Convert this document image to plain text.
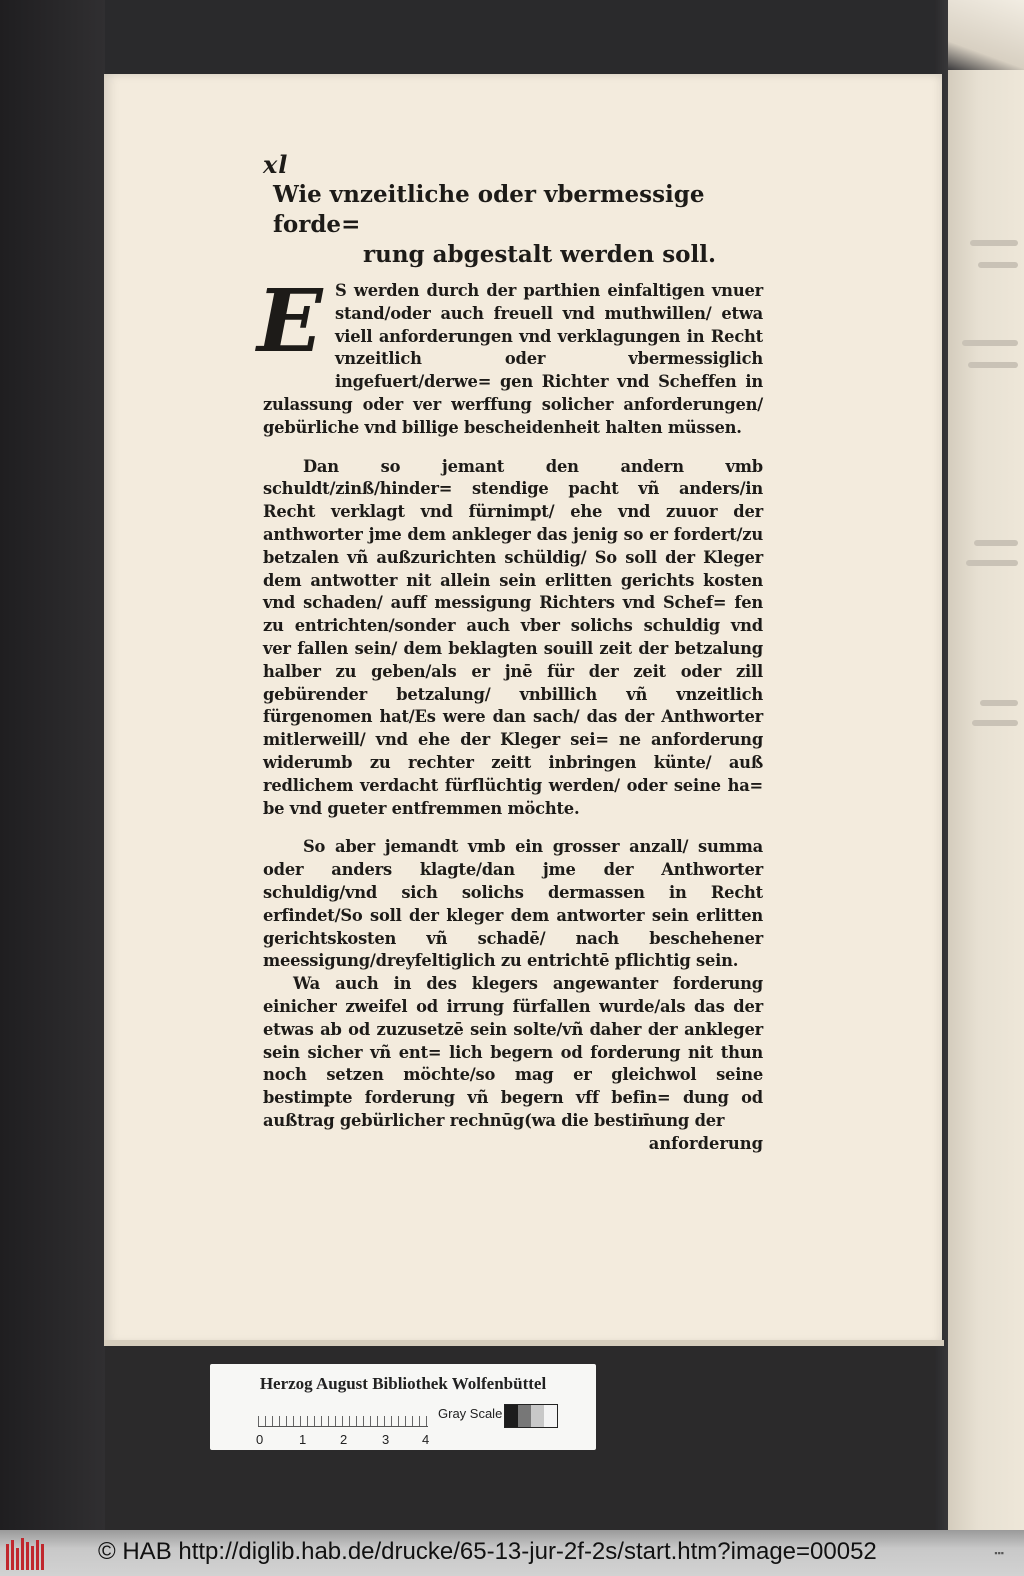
xl

Wie vnzeitliche oder vbermessige forde=
rung abgestalt werden soll.

E S werden durch der parthien einfaltigen vnuer stand/oder auch freuell vnd muthwillen/ etwa viell anforderungen vnd verklagungen in Recht vnzeitlich oder vbermessiglich ingefuert/derwe= gen Richter vnd Scheffen in zulassung oder ver werffung solicher anforderungen/ gebürliche vnd billige bescheidenheit halten müssen.

Dan so jemant den andern vmb schuldt/zinß/hinder= stendige pacht vñ anders/in Recht verklagt vnd fürnimpt/ ehe vnd zuuor der anthworter jme dem ankleger das jenig so er fordert/zu betzalen vñ außzurichten schüldig/ So soll der Kleger dem antwotter nit allein sein erlitten gerichts kosten vnd schaden/ auff messigung Richters vnd Schef= fen zu entrichten/sonder auch vber solichs schuldig vnd ver fallen sein/ dem beklagten souill zeit der betzalung halber zu geben/als er jnē für der zeit oder zill gebürender betzalung/ vnbillich vñ vnzeitlich fürgenomen hat/Es were dan sach/ das der Anthworter mitlerweill/ vnd ehe der Kleger sei= ne anforderung widerumb zu rechter zeitt inbringen künte/ auß redlichem verdacht fürflüchtig werden/ oder seine ha= be vnd gueter entfremmen möchte.

So aber jemandt vmb ein grosser anzall/ summa oder anders klagte/dan jme der Anthworter schuldig/vnd sich solichs dermassen in Recht erfindet/So soll der kleger dem antworter sein erlitten gerichtskosten vñ schadē/ nach beschehener meessigung/dreyfeltiglich zu entrichtē pflichtig sein.

Wa auch in des klegers angewanter forderung einicher zweifel od irrung fürfallen wurde/als das der etwas ab od zuzusetzē sein solte/vñ daher der ankleger sein sicher vñ ent= lich begern od forderung nit thun noch setzen möchte/so mag er gleichwol seine bestimpte forderung vñ begern vff befin= dung od außtrag gebürlicher rechnūg(wa die bestim̄ung der

anforderung

Herzog August Bibliothek Wolfenbüttel
0	1	2	3	4
Gray Scale
© HAB http://diglib.hab.de/drucke/65-13-jur-2f-2s/start.htm?image=00052	▪▪▪
